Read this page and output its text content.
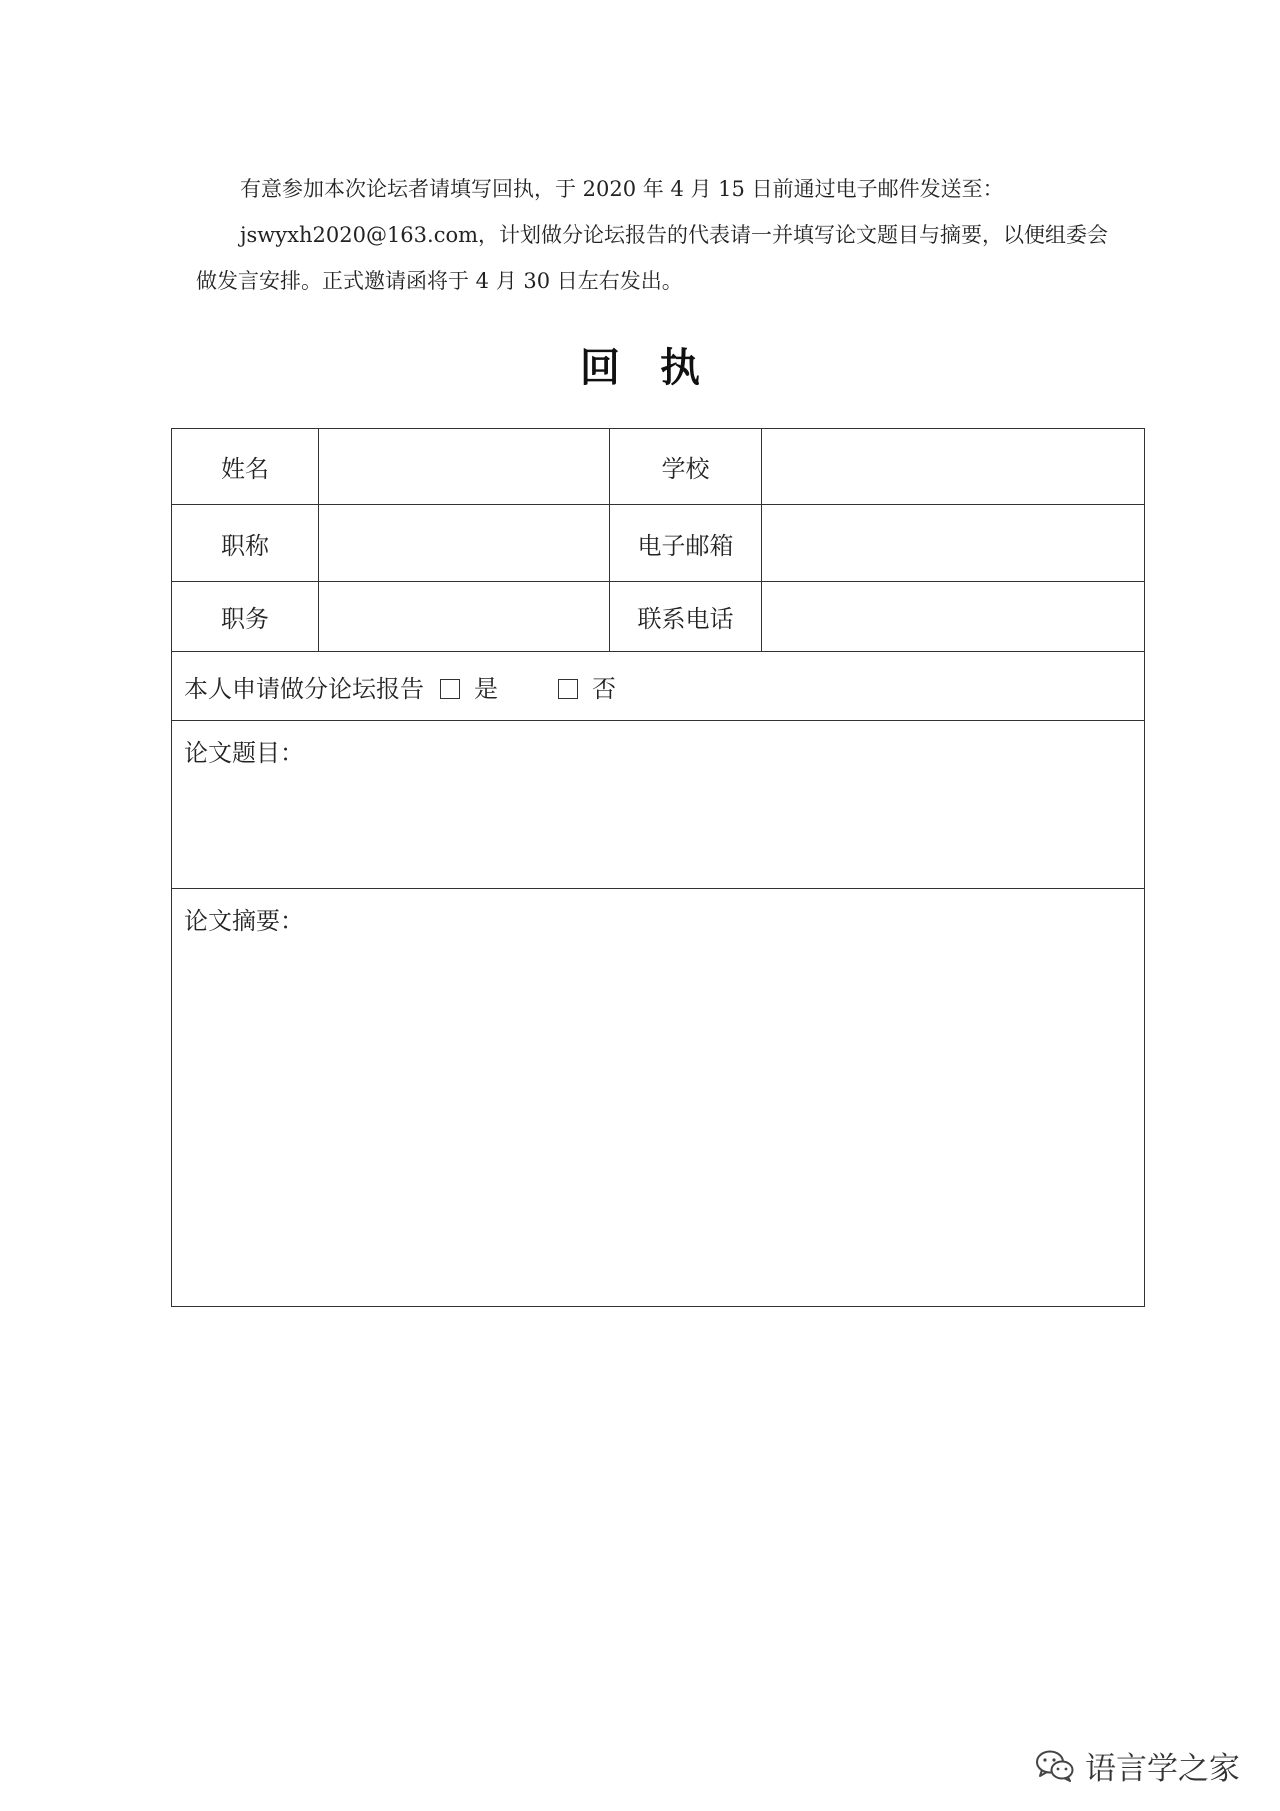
有意参加本次论坛者请填写回执，于 2020 年 4 月 15 日前通过电子邮件发送至：

jswyxh2020@163.com，计划做分论坛报告的代表请一并填写论文题目与摘要，以便组委会

做发言安排。正式邀请函将于 4 月 30 日左右发出。

回执
姓名		学校	
职称		电子邮箱	
职务		联系电话	
本人申请做分论坛报告 是 否			
论文题目：			
论文摘要：			
语言学之家
